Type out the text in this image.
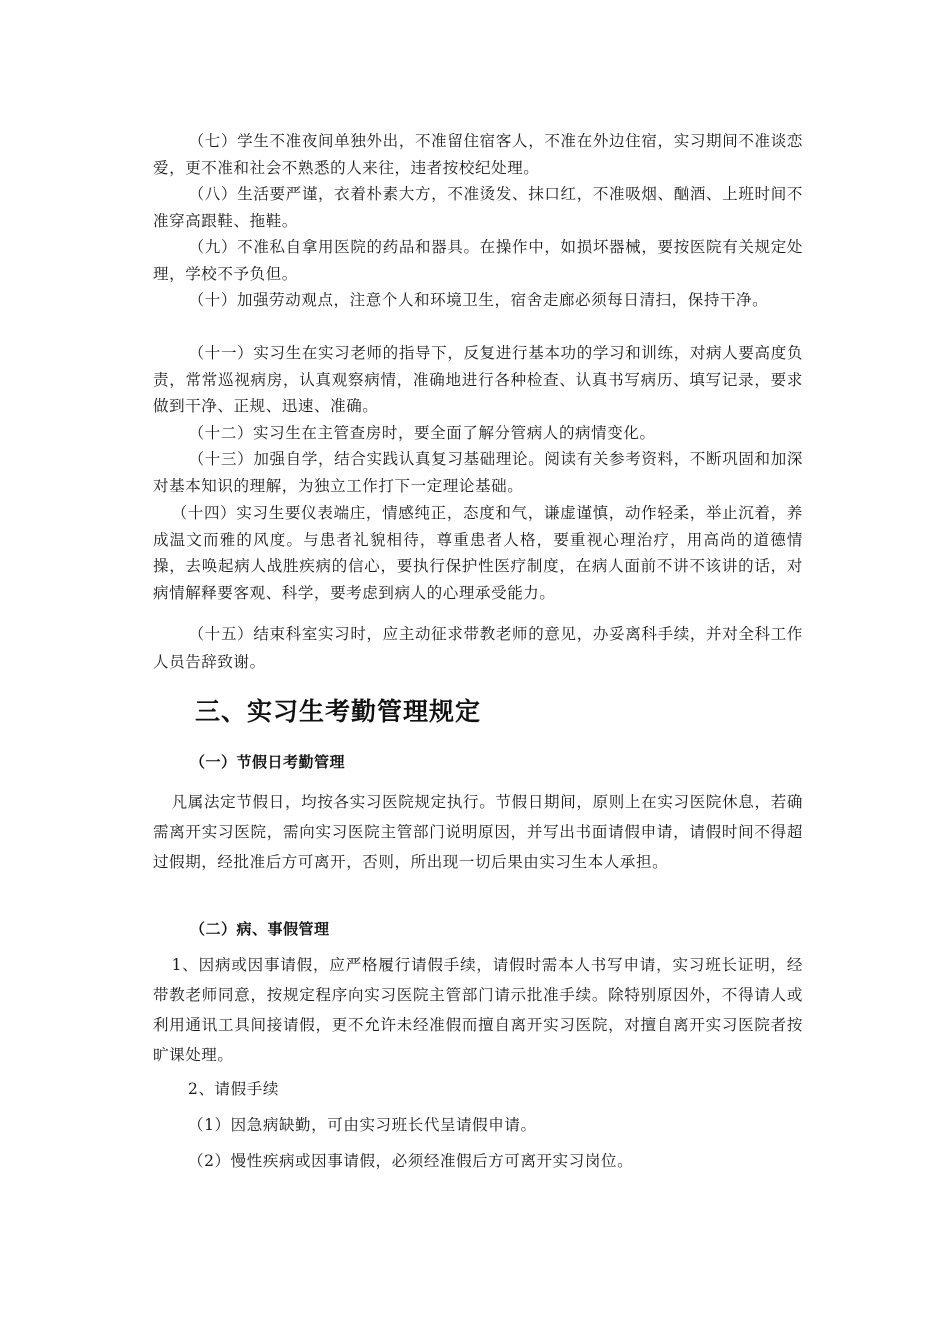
（七）学生不准夜间单独外出，不准留住宿客人，不准在外边住宿，实习期间不准谈恋爱，更不准和社会不熟悉的人来往，违者按校纪处理。

（八）生活要严谨，衣着朴素大方，不准烫发、抹口红，不准吸烟、酗酒、上班时间不准穿高跟鞋、拖鞋。

（九）不准私自拿用医院的药品和器具。在操作中，如损坏器械，要按医院有关规定处理，学校不予负但。

（十）加强劳动观点，注意个人和环境卫生，宿舍走廊必须每日清扫，保持干净。

（十一）实习生在实习老师的指导下，反复进行基本功的学习和训练，对病人要高度负责，常常巡视病房，认真观察病情，准确地进行各种检查、认真书写病历、填写记录，要求做到干净、正规、迅速、准确。

（十二）实习生在主管查房时，要全面了解分管病人的病情变化。

（十三）加强自学，结合实践认真复习基础理论。阅读有关参考资料，不断巩固和加深对基本知识的理解，为独立工作打下一定理论基础。

（十四）实习生要仪表端庄，情感纯正，态度和气，谦虚谨慎，动作轻柔，举止沉着，养成温文而雅的风度。与患者礼貌相待，尊重患者人格，要重视心理治疗，用高尚的道德情操，去唤起病人战胜疾病的信心，要执行保护性医疗制度，在病人面前不讲不该讲的话，对病情解释要客观、科学，要考虑到病人的心理承受能力。

（十五）结束科室实习时，应主动征求带教老师的意见，办妥离科手续，并对全科工作人员告辞致谢。

三、实习生考勤管理规定
（一）节假日考勤管理

凡属法定节假日，均按各实习医院规定执行。节假日期间，原则上在实习医院休息，若确需离开实习医院，需向实习医院主管部门说明原因，并写出书面请假申请，请假时间不得超过假期，经批准后方可离开，否则，所出现一切后果由实习生本人承担。

（二）病、事假管理

1、因病或因事请假，应严格履行请假手续，请假时需本人书写申请，实习班长证明，经带教老师同意，按规定程序向实习医院主管部门请示批准手续。除特别原因外，不得请人或利用通讯工具间接请假，更不允许未经准假而擅自离开实习医院，对擅自离开实习医院者按旷课处理。

2、请假手续

（1）因急病缺勤，可由实习班长代呈请假申请。

（2）慢性疾病或因事请假，必须经准假后方可离开实习岗位。
